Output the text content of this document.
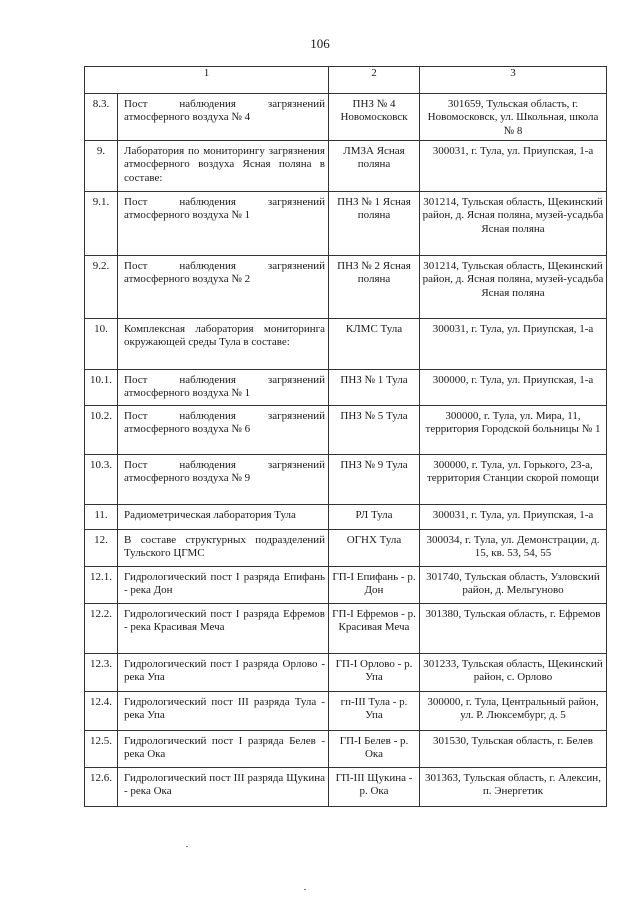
106
1		2	3
8.3.	Пост наблюдения загрязнений атмосферного воздуха № 4	ПНЗ № 4 Новомосковск	301659, Тульская область, г. Новомосковск, ул. Школьная, школа № 8
9.	Лаборатория по мониторингу загрязнения атмосферного воздуха Ясная поляна в составе:	ЛМЗА Ясная поляна	300031, г. Тула, ул. Приупская, 1-а
9.1.	Пост наблюдения загрязнений атмосферного воздуха № 1	ПНЗ № 1 Ясная поляна	301214, Тульская область, Щекинский район, д. Ясная поляна, музей-усадьба Ясная поляна
9.2.	Пост наблюдения загрязнений атмосферного воздуха № 2	ПНЗ № 2 Ясная поляна	301214, Тульская область, Щекинский район, д. Ясная поляна, музей-усадьба Ясная поляна
10.	Комплексная лаборатория мониторинга окружающей среды Тула в составе:	КЛМС Тула	300031, г. Тула, ул. Приупская, 1-а
10.1.	Пост наблюдения загрязнений атмосферного воздуха № 1	ПНЗ № 1 Тула	300000, г. Тула, ул. Приупская, 1-а
10.2.	Пост наблюдения загрязнений атмосферного воздуха № 6	ПНЗ № 5 Тула	300000, г. Тула, ул. Мира, 11, территория Городской больницы № 1
10.3.	Пост наблюдения загрязнений атмосферного воздуха № 9	ПНЗ № 9 Тула	300000, г. Тула, ул. Горького, 23-а, территория Станции скорой помощи
11.	Радиометрическая лаборатория Тула	РЛ Тула	300031, г. Тула, ул. Приупская, 1-а
12.	В составе структурных подразделений Тульского ЦГМС	ОГНХ Тула	300034, г. Тула, ул. Демонстрации, д. 15, кв. 53, 54, 55
12.1.	Гидрологический пост I разряда Епифань - река Дон	ГП-I Епифань - р. Дон	301740, Тульская область, Узловский район, д. Мельгуново
12.2.	Гидрологический пост I разряда Ефремов - река Красивая Меча	ГП-I Ефремов - р. Красивая Меча	301380, Тульская область, г. Ефремов
12.3.	Гидрологический пост I разряда Орлово - река Упа	ГП-I Орлово - р. Упа	301233, Тульская область, Щекинский район, с. Орлово
12.4.	Гидрологический пост III разряда Тула - река Упа	гп-III Тула - р. Упа	300000, г. Тула, Центральный район, ул. Р. Люксембург, д. 5
12.5.	Гидрологический пост I разряда Белев - река Ока	ГП-I Белев - р. Ока	301530, Тульская область, г. Белев
12.6.	Гидрологический пост III разряда Щукина - река Ока	ГП-III Щукина - р. Ока	301363, Тульская область, г. Алексин, п. Энергетик
